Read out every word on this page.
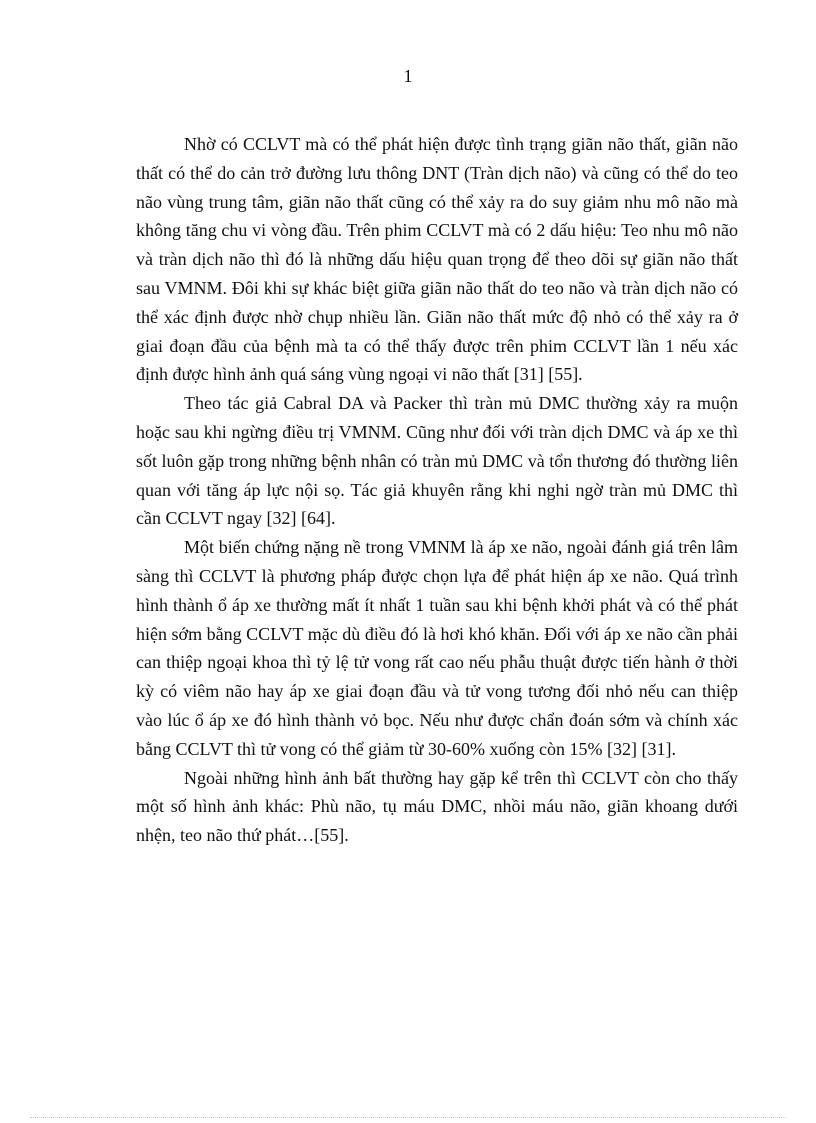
1

Nhờ có CCLVT mà có thể phát hiện được tình trạng giãn não thất, giãn não thất có thể do cản trở đường lưu thông DNT (Tràn dịch não) và cũng có thể do teo não vùng trung tâm, giãn não thất cũng có thể xảy ra do suy giảm nhu mô não mà không tăng chu vi vòng đầu. Trên phim CCLVT mà có 2 dấu hiệu: Teo nhu mô não và tràn dịch não thì đó là những dấu hiệu quan trọng để theo dõi sự giãn não thất sau VMNM. Đôi khi sự khác biệt giữa giãn não thất do teo não và tràn dịch não có thể xác định được nhờ chụp nhiều lần. Giãn não thất mức độ nhỏ có thể xảy ra ở giai đoạn đầu của bệnh mà ta có thể thấy được trên phim CCLVT lần 1 nếu xác định được hình ảnh quá sáng vùng ngoại vi não thất [31] [55].

Theo tác giả Cabral DA và Packer thì tràn mủ DMC thường xảy ra muộn hoặc sau khi ngừng điều trị VMNM. Cũng như đối với tràn dịch DMC và áp xe thì sốt luôn gặp trong những bệnh nhân có tràn mủ DMC và tổn thương đó thường liên quan với tăng áp lực nội sọ. Tác giả khuyên rằng khi nghi ngờ tràn mủ DMC thì cần CCLVT ngay [32] [64].

Một biến chứng nặng nề trong VMNM là áp xe não, ngoài đánh giá trên lâm sàng thì CCLVT là phương pháp được chọn lựa để phát hiện áp xe não. Quá trình hình thành ổ áp xe thường mất ít nhất 1 tuần sau khi bệnh khởi phát và có thể phát hiện sớm bằng CCLVT mặc dù điều đó là hơi khó khăn. Đối với áp xe não cần phải can thiệp ngoại khoa thì tỷ lệ tử vong rất cao nếu phẫu thuật được tiến hành ở thời kỳ có viêm não hay áp xe giai đoạn đầu và tử vong tương đối nhỏ nếu can thiệp vào lúc ổ áp xe đó hình thành vỏ bọc. Nếu như được chẩn đoán sớm và chính xác bằng CCLVT thì tử vong có thể giảm từ 30-60% xuống còn 15% [32] [31].

Ngoài những hình ảnh bất thường hay gặp kể trên thì CCLVT còn cho thấy một số hình ảnh khác: Phù não, tụ máu DMC, nhồi máu não, giãn khoang dưới nhện, teo não thứ phát…[55].
